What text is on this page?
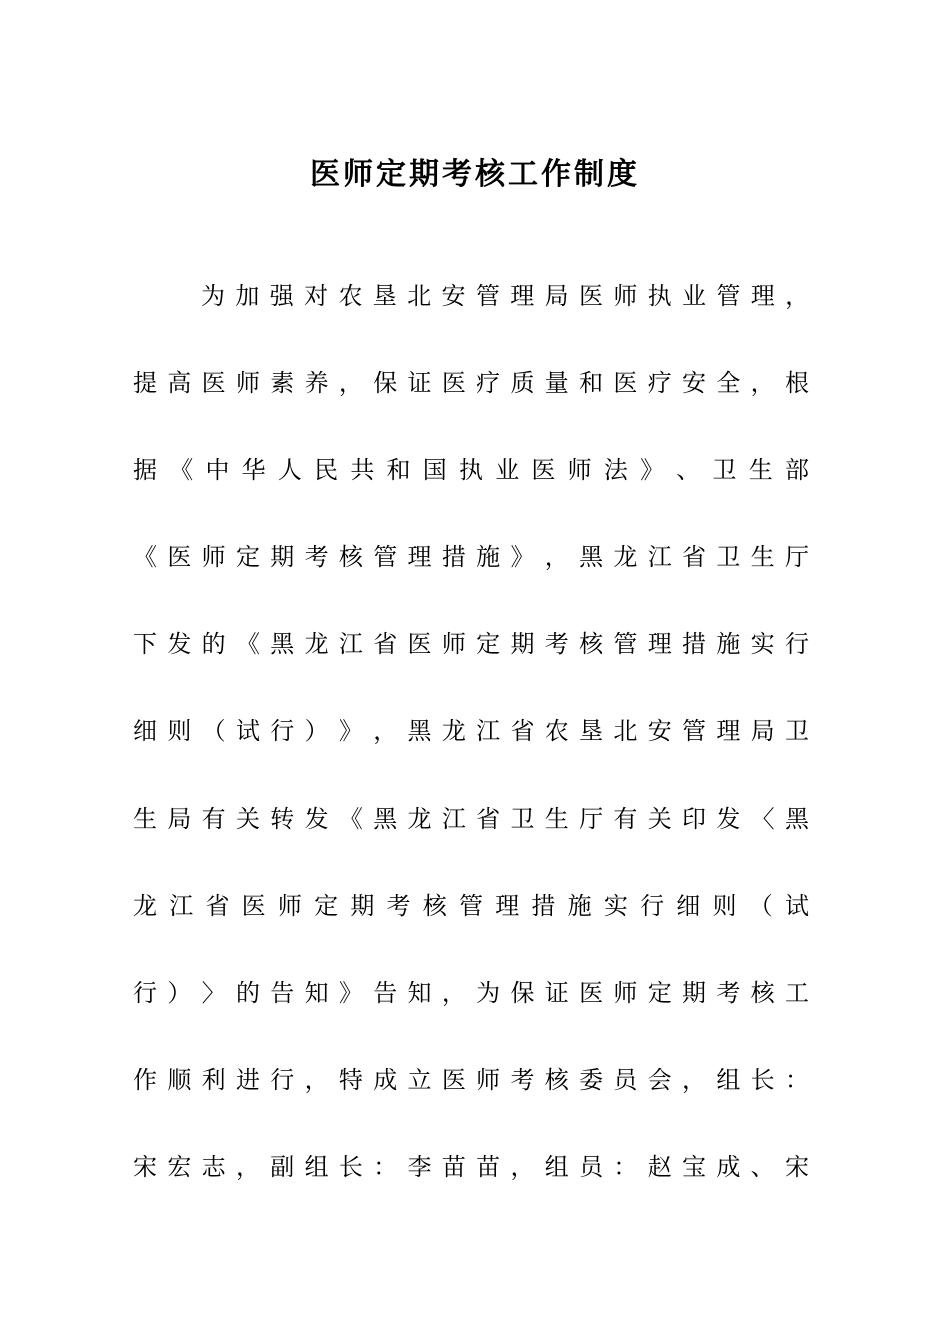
医师定期考核工作制度
为 加 强 对 农 垦 北 安 管 理 局 医 师 执 业 管 理 ，
提 高 医 师 素 养 ， 保 证 医 疗 质 量 和 医 疗 安 全 ， 根
据 《 中 华 人 民 共 和 国 执 业 医 师 法 》 、 卫 生 部
《 医 师 定 期 考 核 管 理 措 施 》 ， 黑 龙 江 省 卫 生 厅
下 发 的 《 黑 龙 江 省 医 师 定 期 考 核 管 理 措 施 实 行
细 则 （ 试 行 ） 》 ， 黑 龙 江 省 农 垦 北 安 管 理 局 卫
生 局 有 关 转 发 《 黑 龙 江 省 卫 生 厅 有 关 印 发 〈 黑
龙 江 省 医 师 定 期 考 核 管 理 措 施 实 行 细 则 （ 试
行 ） 〉 的 告 知 》 告 知 ， 为 保 证 医 师 定 期 考 核 工
作 顺 利 进 行 ， 特 成 立 医 师 考 核 委 员 会 ， 组 长 ：
宋 宏 志 ， 副 组 长 ： 李 苗 苗 ， 组 员 ： 赵 宝 成 、 宋
